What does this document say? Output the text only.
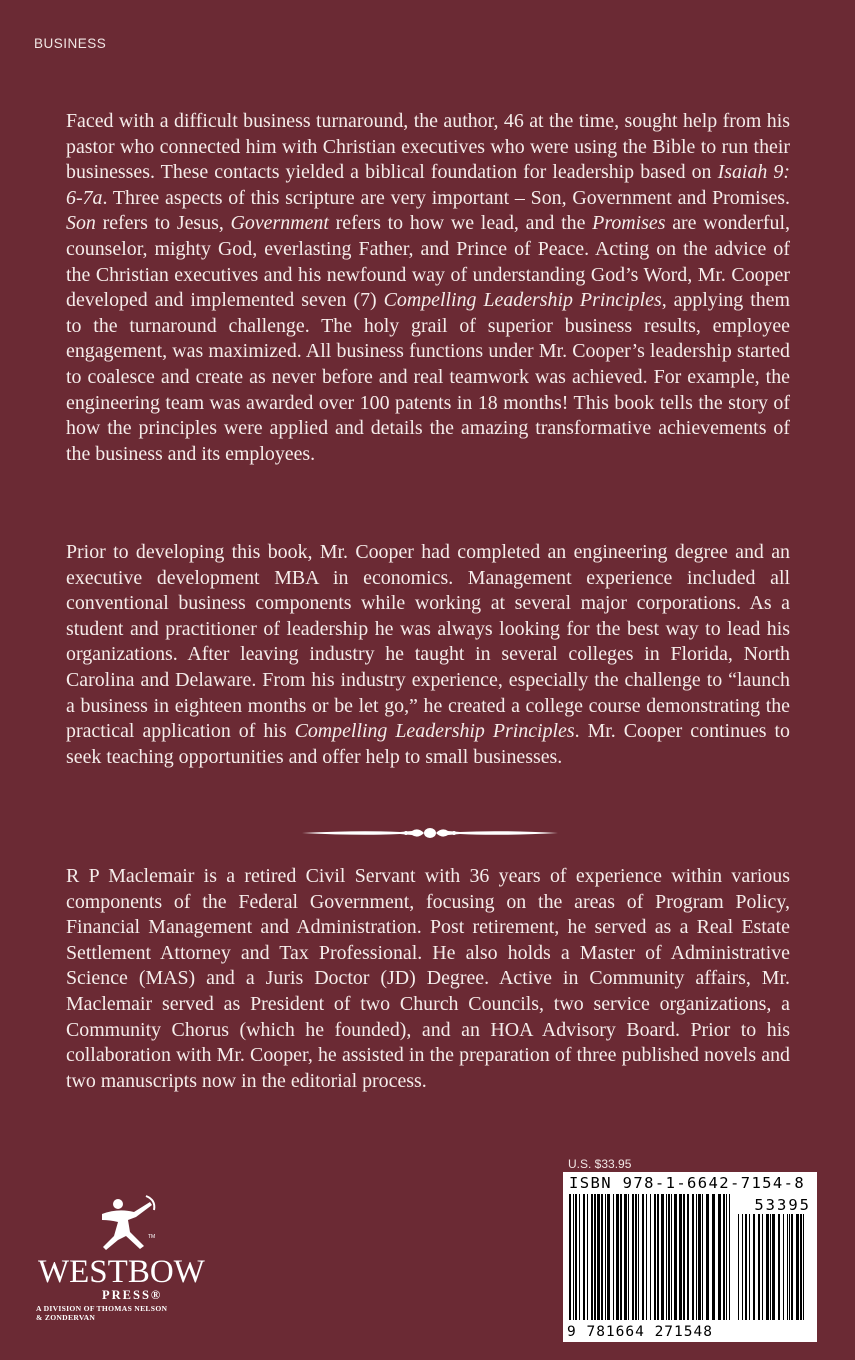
BUSINESS
Faced with a difficult business turnaround, the author, 46 at the time, sought help from his pastor who connected him with Christian executives who were using the Bible to run their businesses. These contacts yielded a biblical foundation for leadership based on Isaiah 9: 6-7a. Three aspects of this scripture are very important – Son, Government and Promises. Son refers to Jesus, Government refers to how we lead, and the Promises are wonderful, counselor, mighty God, everlasting Father, and Prince of Peace. Acting on the advice of the Christian executives and his newfound way of understanding God’s Word, Mr. Cooper developed and implemented seven (7) Compelling Leadership Principles, applying them to the turnaround challenge. The holy grail of superior business results, employee engagement, was maximized. All business functions under Mr. Cooper’s leadership started to coalesce and create as never before and real teamwork was achieved. For example, the engineering team was awarded over 100 patents in 18 months! This book tells the story of how the principles were applied and details the amazing transformative achievements of the business and its employees.
Prior to developing this book, Mr. Cooper had completed an engineering degree and an executive development MBA in economics. Management experience included all conventional business components while working at several major corporations. As a student and practitioner of leadership he was always looking for the best way to lead his organizations. After leaving industry he taught in several colleges in Florida, North Carolina and Delaware. From his industry experience, especially the challenge to “launch a business in eighteen months or be let go,” he created a college course demonstrating the practical application of his Compelling Leadership Principles. Mr. Cooper continues to seek teaching opportunities and offer help to small businesses.
R P Maclemair is a retired Civil Servant with 36 years of experience within various components of the Federal Government, focusing on the areas of Program Policy, Financial Management and Administration. Post retirement, he served as a Real Estate Settlement Attorney and Tax Professional. He also holds a Master of Administrative Science (MAS) and a Juris Doctor (JD) Degree. Active in Community affairs, Mr. Maclemair served as President of two Church Councils, two service organizations, a Community Chorus (which he founded), and an HOA Advisory Board. Prior to his collaboration with Mr. Cooper, he assisted in the preparation of three published novels and two manuscripts now in the editorial process.
U.S. $33.95
ISBN 978-1-6642-7154-8
53395
9 781664 271548
TM
WESTBOW
PRESS®
A DIVISION OF THOMAS NELSON
& ZONDERVAN
